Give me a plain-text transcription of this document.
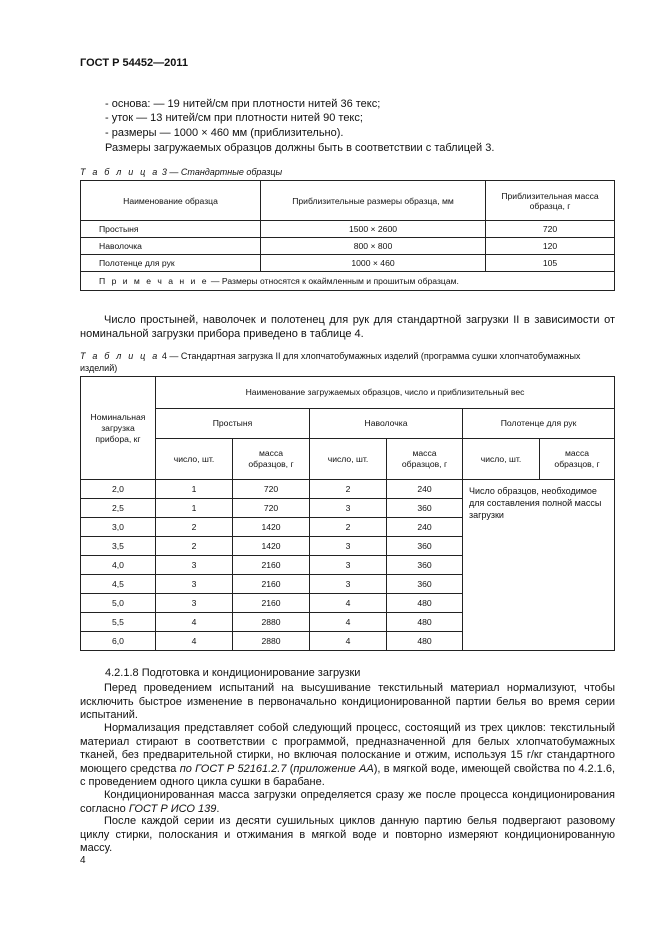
ГОСТ Р 54452—2011
- основа: — 19 нитей/см при плотности нитей 36 текс;
- уток — 13 нитей/см при плотности нитей 90 текс;
- размеры — 1000 × 460 мм (приблизительно).
Размеры загружаемых образцов должны быть в соответствии с таблицей 3.
Т а б л и ц а 3 — Стандартные образцы
Наименование образца	Приблизительные размеры образца, мм	Приблизительная масса образца, г
Простыня	1500 × 2600	720
Наволочка	800 × 800	120
Полотенце для рук	1000 × 460	105
П р и м е ч а н и е — Размеры относятся к окаймленным и прошитым образцам.		
Число простыней, наволочек и полотенец для рук для стандартной загрузки II в зависимости от номинальной загрузки прибора приведено в таблице 4.
Т а б л и ц а 4 — Стандартная загрузка II для хлопчатобумажных изделий (программа сушки хлопчатобумажных изделий)
Номинальная загрузка прибора, кг	Наименование загружаемых образцов, число и приблизительный вес					
	Простыня		Наволочка		Полотенце для рук	
	число, шт.	масса образцов, г	число, шт.	масса образцов, г	число, шт.	масса образцов, г
2,0	1	720	2	240	Число образцов, необходимое для составления полной массы загрузки	
2,5	1	720	3	360		
3,0	2	1420	2	240		
3,5	2	1420	3	360		
4,0	3	2160	3	360		
4,5	3	2160	3	360		
5,0	3	2160	4	480		
5,5	4	2880	4	480		
6,0	4	2880	4	480		
4.2.1.8 Подготовка и кондиционирование загрузки
Перед проведением испытаний на высушивание текстильный материал нормализуют, чтобы исключить быстрое изменение в первоначально кондиционированной партии белья во время серии испытаний.
Нормализация представляет собой следующий процесс, состоящий из трех циклов: текстильный материал стирают в соответствии с программой, предназначенной для белых хлопчатобумажных тканей, без предварительной стирки, но включая полоскание и отжим, используя 15 г/кг стандартного моющего средства по ГОСТ Р 52161.2.7 (приложение АА), в мягкой воде, имеющей свойства по 4.2.1.6, с проведением одного цикла сушки в барабане.
Кондиционированная масса загрузки определяется сразу же после процесса кондиционирования согласно ГОСТ Р ИСО 139.
После каждой серии из десяти сушильных циклов данную партию белья подвергают разовому циклу стирки, полоскания и отжимания в мягкой воде и повторно измеряют кондиционированную массу.
4
